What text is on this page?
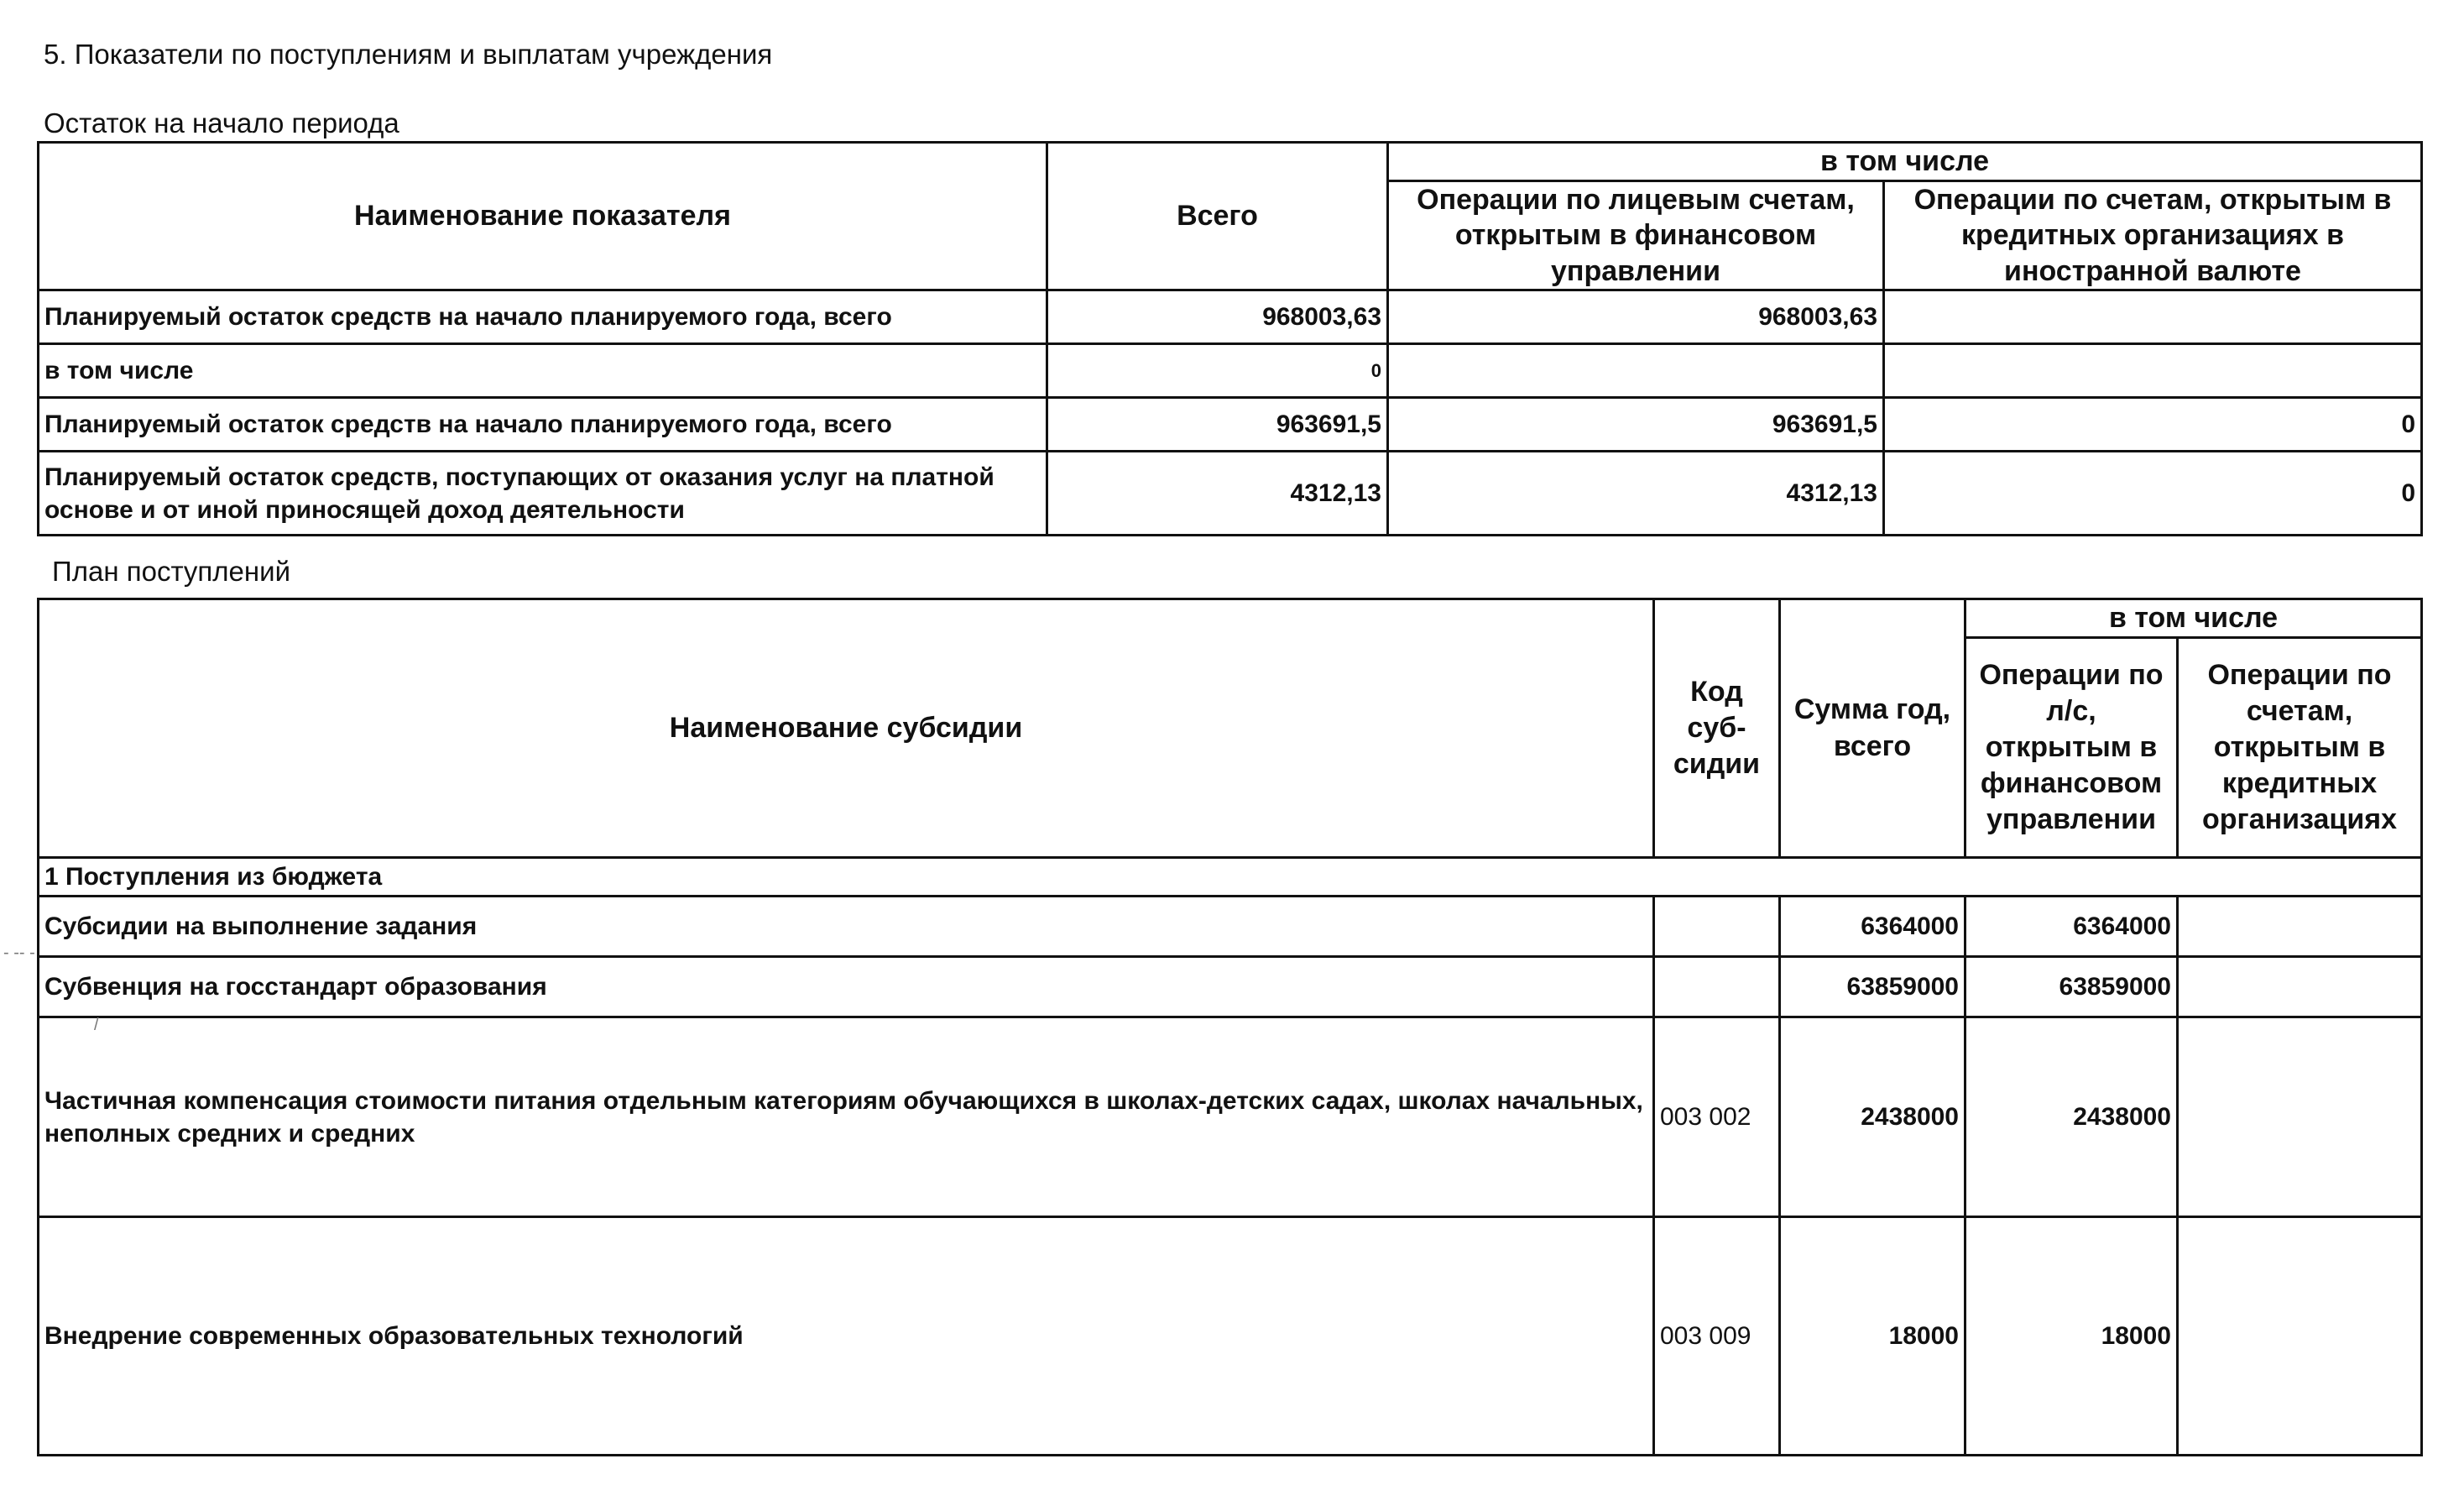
5. Показатели по поступлениям и выплатам учреждения
Остаток на начало периода
Наименование показателя	Всего	в том числе	
		Операции по лицевым счетам, открытым в финансовом управлении	Операции по счетам, открытым в кредитных организациях в иностранной валюте
Планируемый остаток средств на начало планируемого года, всего	968003,63	968003,63	
в том числе	0		
Планируемый остаток средств на начало планируемого года, всего	963691,5	963691,5	0
Планируемый остаток средств, поступающих от оказания услуг на платной основе и от иной приносящей доход деятельности	4312,13	4312,13	0
План поступлений
Наименование субсидии	Код суб-сидии	Сумма год, всего	в том числе	
			Операции по л/с, открытым в финансовом управлении	Операции по счетам, открытым в кредитных организациях
1 Поступления из бюджета				
Субсидии на выполнение задания		6364000	6364000	
Субвенция на госстандарт образования		63859000	63859000	
Частичная компенсация стоимости питания отдельным категориям обучающихся в школах-детских садах, школах начальных, неполных средних и средних	003 002	2438000	2438000	
Внедрение современных образовательных технологий	003 009	18000	18000	
- -- -
/
